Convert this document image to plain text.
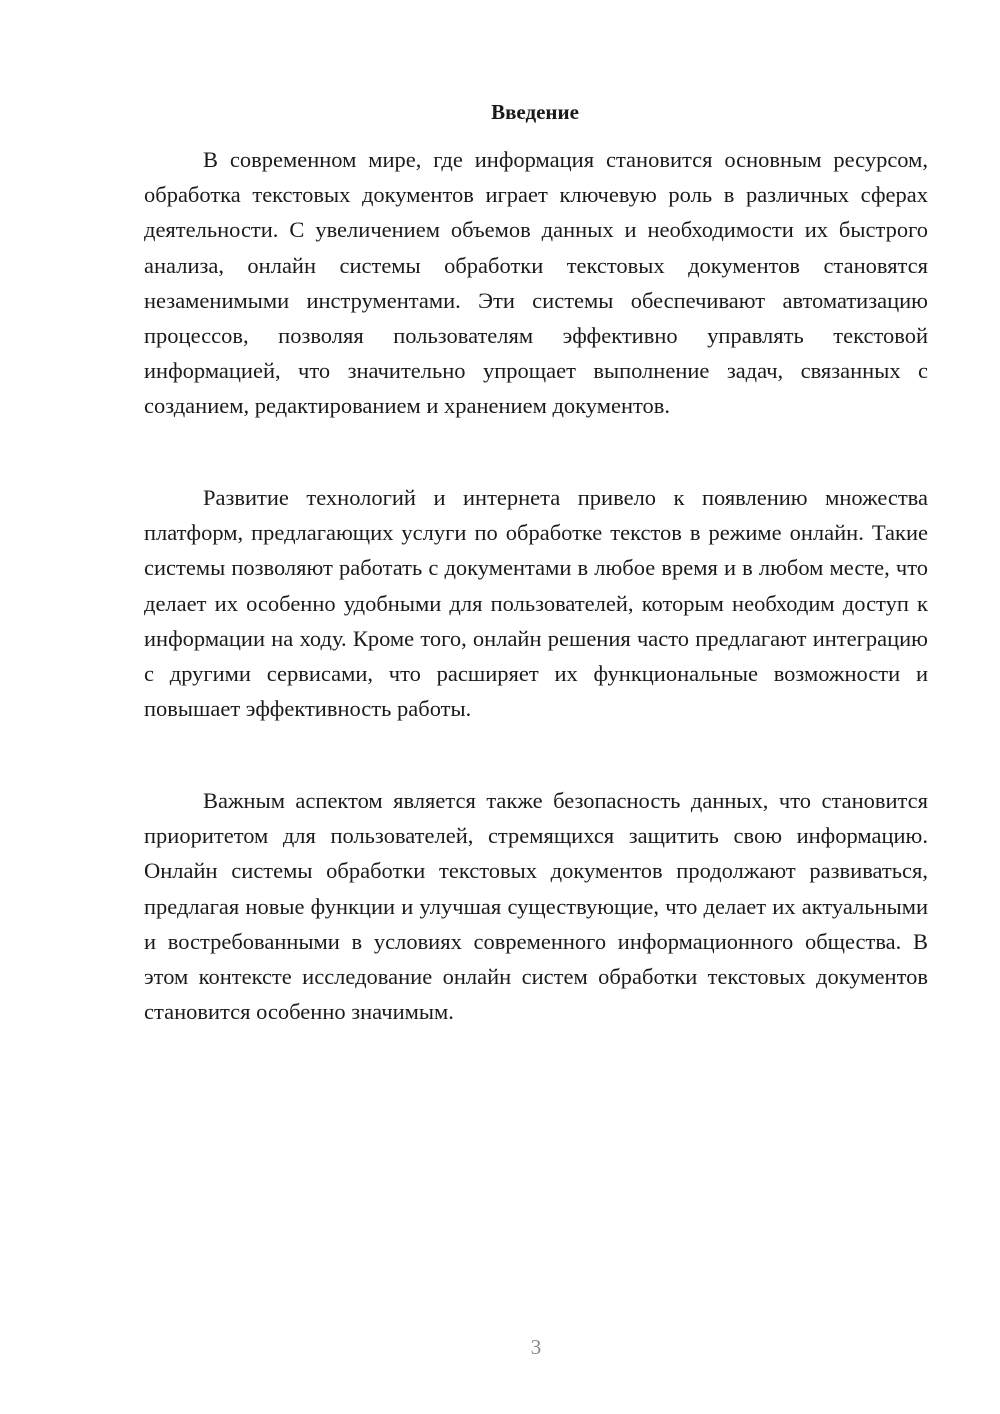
Введение

В современном мире, где информация становится основным ресурсом, обработка текстовых документов играет ключевую роль в различных сферах деятельности. С увеличением объемов данных и необходимости их быстрого анализа, онлайн системы обработки текстовых документов становятся незаменимыми инструментами. Эти системы обеспечивают автоматизацию процессов, позволяя пользователям эффективно управлять текстовой информацией, что значительно упрощает выполнение задач, связанных с созданием, редактированием и хранением документов.

Развитие технологий и интернета привело к появлению множества платформ, предлагающих услуги по обработке текстов в режиме онлайн. Такие системы позволяют работать с документами в любое время и в любом месте, что делает их особенно удобными для пользователей, которым необходим доступ к информации на ходу. Кроме того, онлайн решения часто предлагают интеграцию с другими сервисами, что расширяет их функциональные возможности и повышает эффективность работы.

Важным аспектом является также безопасность данных, что становится приоритетом для пользователей, стремящихся защитить свою информацию. Онлайн системы обработки текстовых документов продолжают развиваться, предлагая новые функции и улучшая существующие, что делает их актуальными и востребованными в условиях современного информационного общества. В этом контексте исследование онлайн систем обработки текстовых документов становится особенно значимым.

3
